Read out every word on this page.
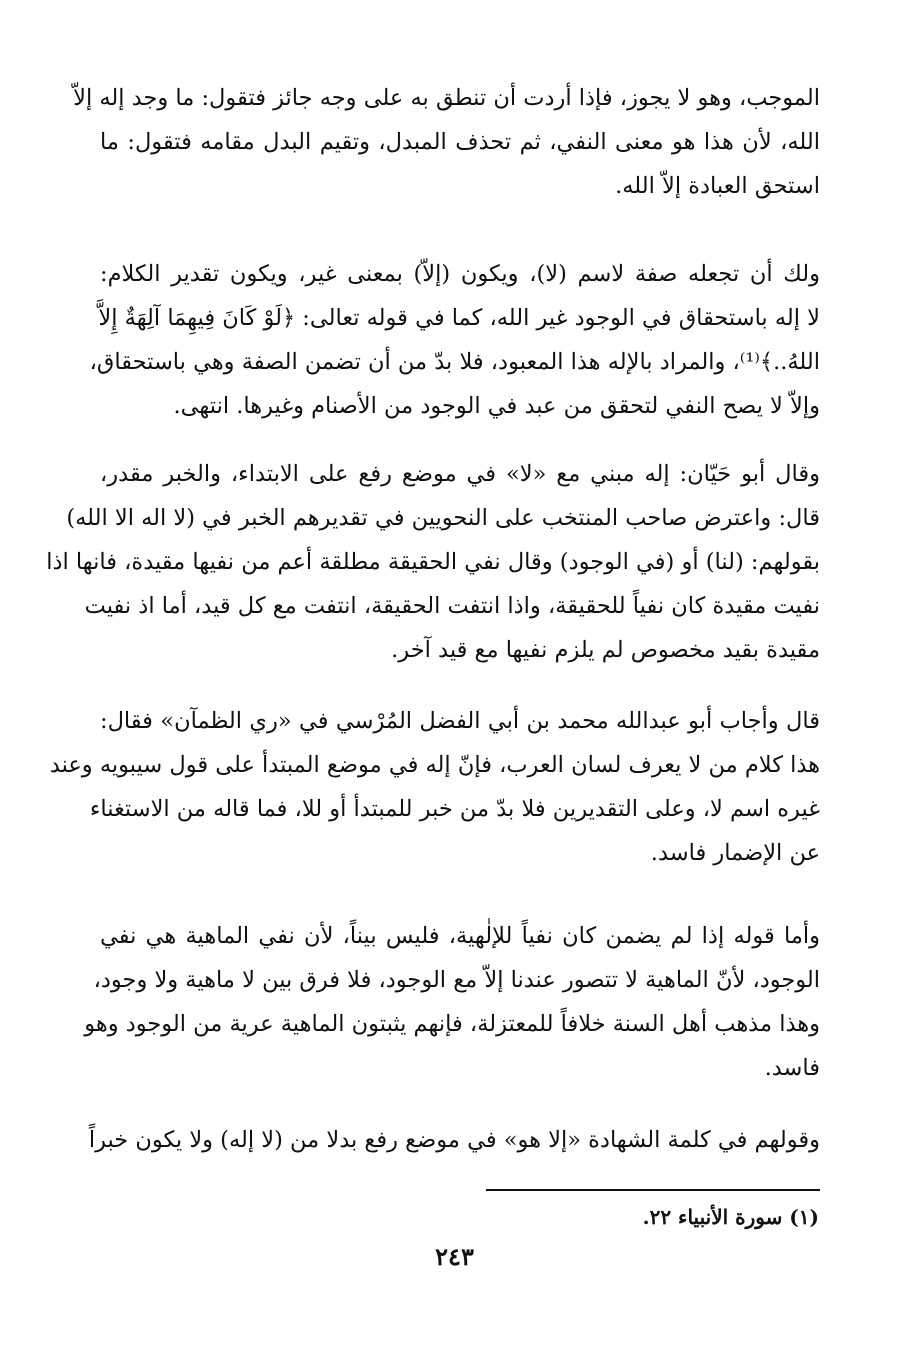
الموجب، وهو لا يجوز، فإذا أردت أن تنطق به على وجه جائز فتقول: ما وجد إله إلاّ
الله، لأن هذا هو معنى النفي، ثم تحذف المبدل، وتقيم البدل مقامه فتقول: ما
استحق العبادة إلاّ الله.
ولك أن تجعله صفة لاسم (لا)، ويكون (إلاّ) بمعنى غير، ويكون تقدير الكلام:
لا إله باستحقاق في الوجود غير الله، كما في قوله تعالى: ﴿لَوْ كَانَ فِيهِمَا آلِهَةٌ إِلاَّ
اللهُ..﴾⁽¹⁾، والمراد بالإله هذا المعبود، فلا بدّ من أن تضمن الصفة وهي باستحقاق،
وإلاّ لا يصح النفي لتحقق من عبد في الوجود من الأصنام وغيرها. انتهى.
وقال أبو حَيّان: إله مبني مع «لا» في موضع رفع على الابتداء، والخبر مقدر،
قال: واعترض صاحب المنتخب على النحويين في تقديرهم الخبر في (لا اله الا الله)
بقولهم: (لنا) أو (في الوجود) وقال نفي الحقيقة مطلقة أعم من نفيها مقيدة، فانها اذا
نفيت مقيدة كان نفياً للحقيقة، واذا انتفت الحقيقة، انتفت مع كل قيد، أما اذ نفيت
مقيدة بقيد مخصوص لم يلزم نفيها مع قيد آخر.
قال وأجاب أبو عبدالله محمد بن أبي الفضل المُرْسي في «ري الظمآن» فقال:
هذا كلام من لا يعرف لسان العرب، فإنّ إله في موضع المبتدأ على قول سيبويه وعند
غيره اسم لا، وعلى التقديرين فلا بدّ من خبر للمبتدأ أو للا، فما قاله من الاستغناء
عن الإضمار فاسد.
وأما قوله إذا لم يضمن كان نفياً للإلٰهية، فليس بيناً، لأن نفي الماهية هي نفي
الوجود، لأنّ الماهية لا تتصور عندنا إلاّ مع الوجود، فلا فرق بين لا ماهية ولا وجود،
وهذا مذهب أهل السنة خلافاً للمعتزلة، فإنهم يثبتون الماهية عرية من الوجود وهو
فاسد.
وقولهم في كلمة الشهادة «إلا هو» في موضع رفع بدلا من (لا إله) ولا يكون خبراً
(١) سورة الأنبياء ٢٢.
٢٤٣
